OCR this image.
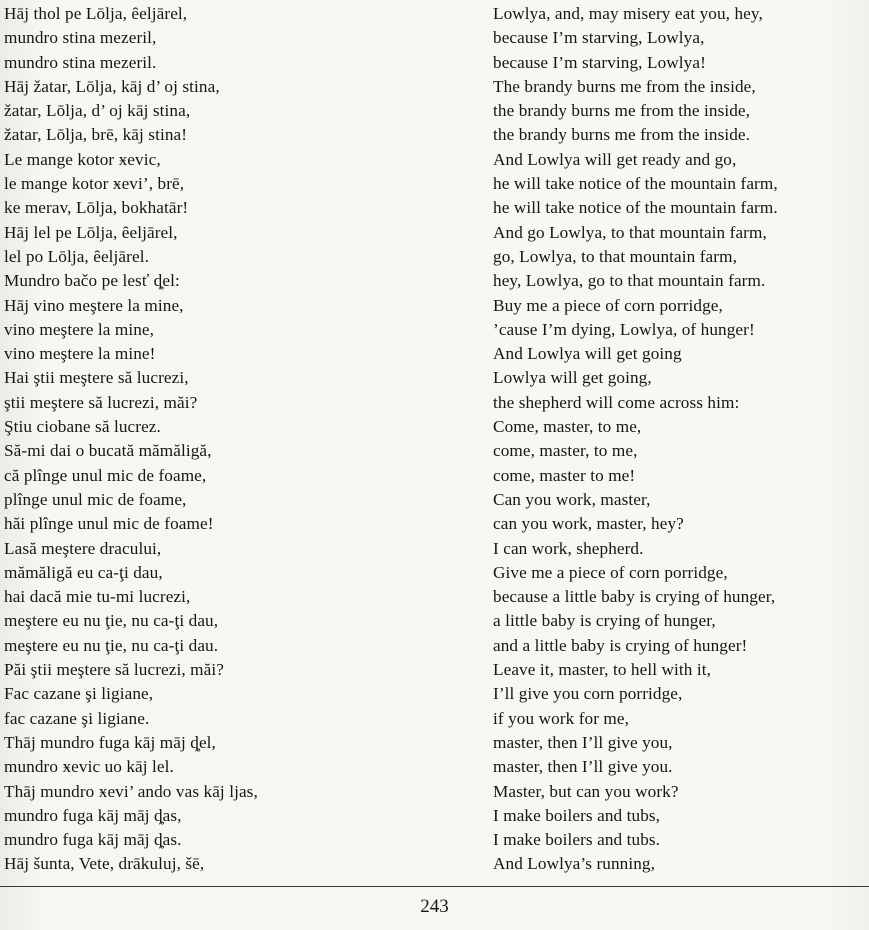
Hāj thol pe Lōlja, ȇeljārel,
mundro stina mezeril,
mundro stina mezeril.
Hāj žatar, Lōlja, kāj d’ oj stina,
žatar, Lōlja, d’ oj kāj stina,
žatar, Lōlja, brē, kāj stina!
Le mange kotor ӿevic,
le mange kotor ӿevi’, brē,
ke merav, Lōlja, bokhatār!
Hāj lel pe Lōlja, ȇeljārel,
lel po Lōlja, ȇeljārel.
Mundro bačo pe lesť ȡel:
Hāj vino meştere la mine,
vino meştere la mine,
vino meştere la mine!
Hai ştii meştere să lucrezi,
ştii meştere să lucrezi, măi?
Ştiu ciobane să lucrez.
Să-mi dai o bucată mămăligă,
că plînge unul mic de foame,
plînge unul mic de foame,
hăi plînge unul mic de foame!
Lasă meştere dracului,
mămăligă eu ca-ţi dau,
hai dacă mie tu-mi lucrezi,
meştere eu nu ţie, nu ca-ţi dau,
meştere eu nu ţie, nu ca-ţi dau.
Păi ştii meştere să lucrezi, măi?
Fac cazane şi ligiane,
fac cazane şi ligiane.
Thāj mundro fuga kāj māj ȡel,
mundro ӿevic uo kāj lel.
Thāj mundro ӿevi’ ando vas kāj ljas,
mundro fuga kāj māj ȡas,
mundro fuga kāj māj ȡas.
Hāj šunta, Vete, drākuluj, šē,
Lowlya, and, may misery eat you, hey,
because I’m starving, Lowlya,
because I’m starving, Lowlya!
The brandy burns me from the inside,
the brandy burns me from the inside,
the brandy burns me from the inside.
And Lowlya will get ready and go,
he will take notice of the mountain farm,
he will take notice of the mountain farm.
And go Lowlya, to that mountain farm,
go, Lowlya, to that mountain farm,
hey, Lowlya, go to that mountain farm.
Buy me a piece of corn porridge,
’cause I’m dying, Lowlya, of hunger!
And Lowlya will get going
Lowlya will get going,
the shepherd will come across him:
Come, master, to me,
come, master, to me,
come, master to me!
Can you work, master,
can you work, master, hey?
I can work, shepherd.
Give me a piece of corn porridge,
because a little baby is crying of hunger,
a little baby is crying of hunger,
and a little baby is crying of hunger!
Leave it, master, to hell with it,
I’ll give you corn porridge,
if you work for me,
master, then I’ll give you,
master, then I’ll give you.
Master, but can you work?
I make boilers and tubs,
I make boilers and tubs.
And Lowlya’s running,
243
